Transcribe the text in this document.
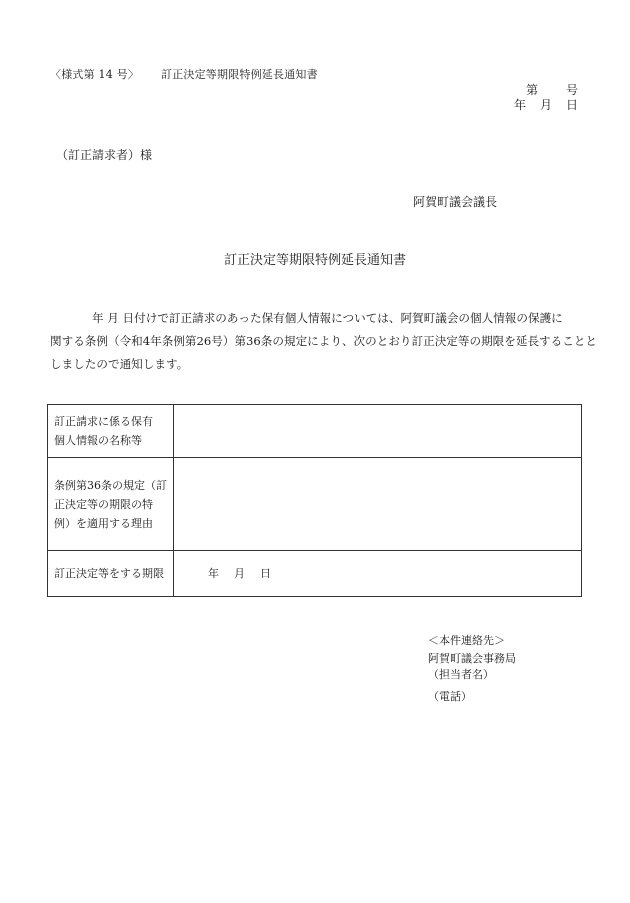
〈様式第 14 号〉 訂正決定等期限特例延長通知書
第 号
年 月 日
（訂正請求者）様
阿賀町議会議長
訂正決定等期限特例延長通知書
年 月 日付けで訂正請求のあった保有個人情報については、阿賀町議会の個人情報の保護に
関する条例（令和4年条例第26号）第36条の規定により、次のとおり訂正決定等の期限を延長することと
しましたので通知します。
訂正請求に係る保有
個人情報の名称等	

条例第36条の規定（訂
正決定等の期限の特
例）を適用する理由	

訂正決定等をする期限	年 月 日
＜本件連絡先＞
阿賀町議会事務局
（担当者名）
（電話）
